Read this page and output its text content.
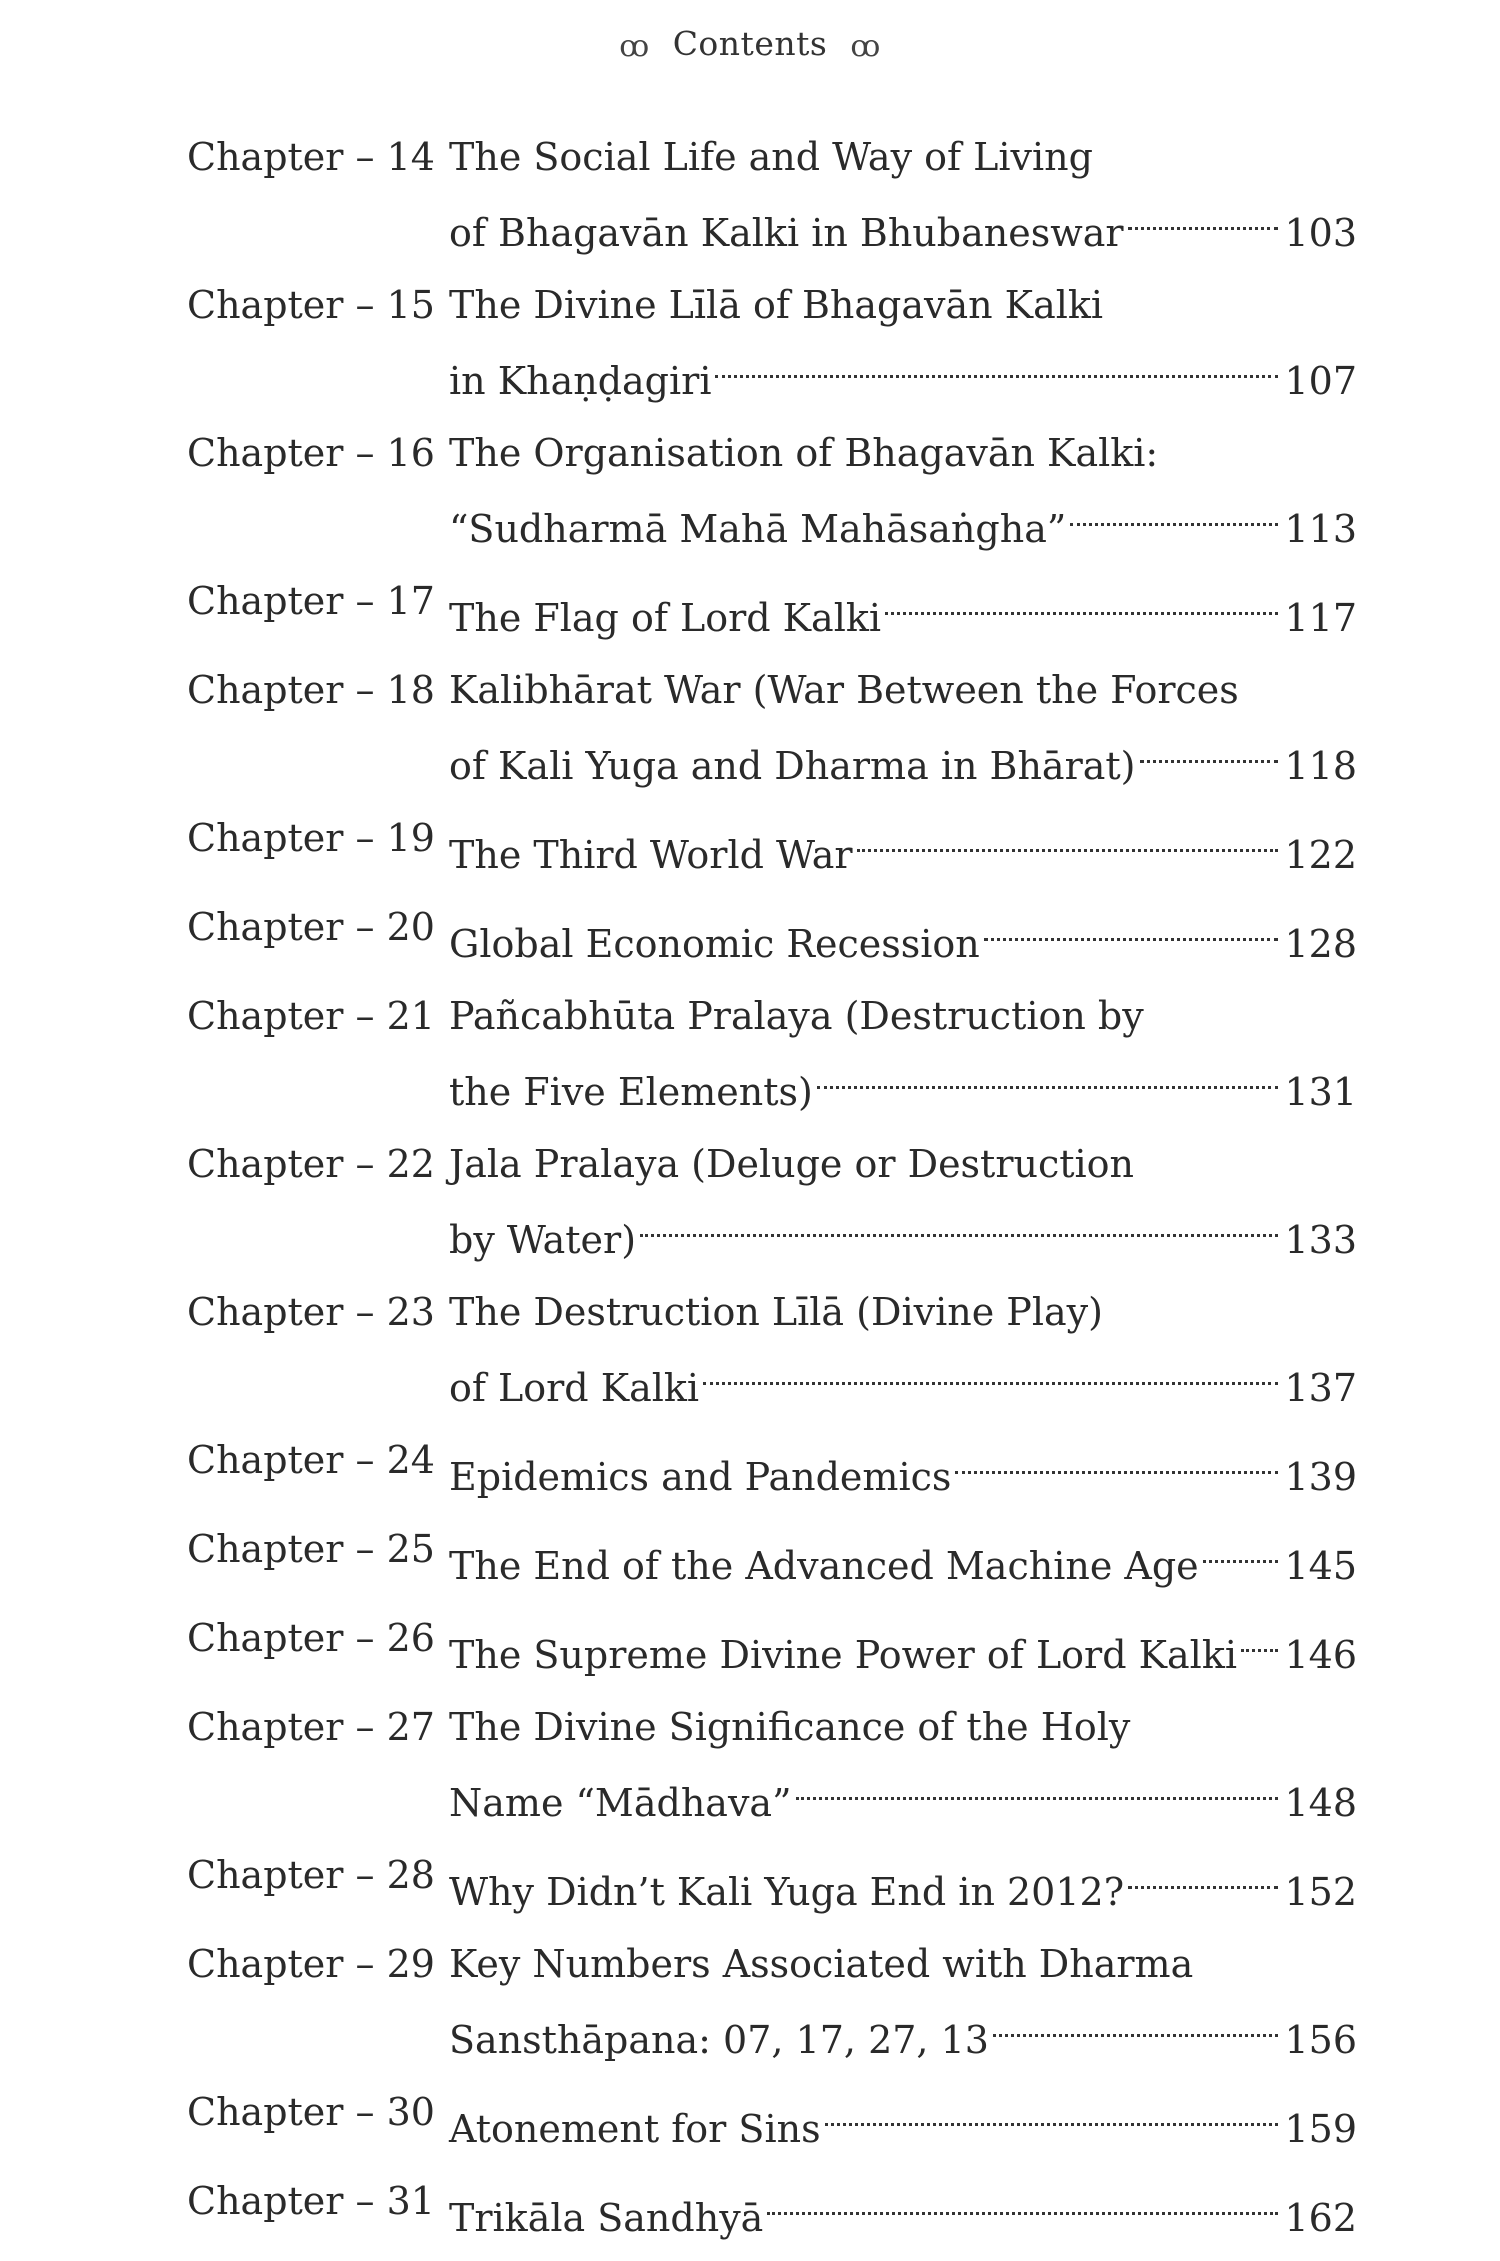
ꝏ Contents ꝏ
Chapter – 14 The Social Life and Way of Living
of Bhagavān Kalki in Bhubaneswar	103
Chapter – 15 The Divine Līlā of Bhagavān Kalki
in Khaṇḍagiri	107
Chapter – 16 The Organisation of Bhagavān Kalki:
“Sudharmā Mahā Mahāsaṅgha”	113
Chapter – 17 The Flag of Lord Kalki	117
Chapter – 18 Kalibhārat War (War Between the Forces
of Kali Yuga and Dharma in Bhārat)	118
Chapter – 19 The Third World War	122
Chapter – 20 Global Economic Recession	128
Chapter – 21 Pañcabhūta Pralaya (Destruction by
the Five Elements)	131
Chapter – 22 Jala Pralaya (Deluge or Destruction
by Water)	133
Chapter – 23 The Destruction Līlā (Divine Play)
of Lord Kalki	137
Chapter – 24 Epidemics and Pandemics	139
Chapter – 25 The End of the Advanced Machine Age 145
Chapter – 26 The Supreme Divine Power of Lord Kalki 146
Chapter – 27 The Divine Significance of the Holy
Name “Mādhava”	148
Chapter – 28 Why Didn’t Kali Yuga End in 2012?	152
Chapter – 29 Key Numbers Associated with Dharma
Sansthāpana: 07, 17, 27, 13	156
Chapter – 30 Atonement for Sins	159
Chapter – 31 Trikāla Sandhyā	162
